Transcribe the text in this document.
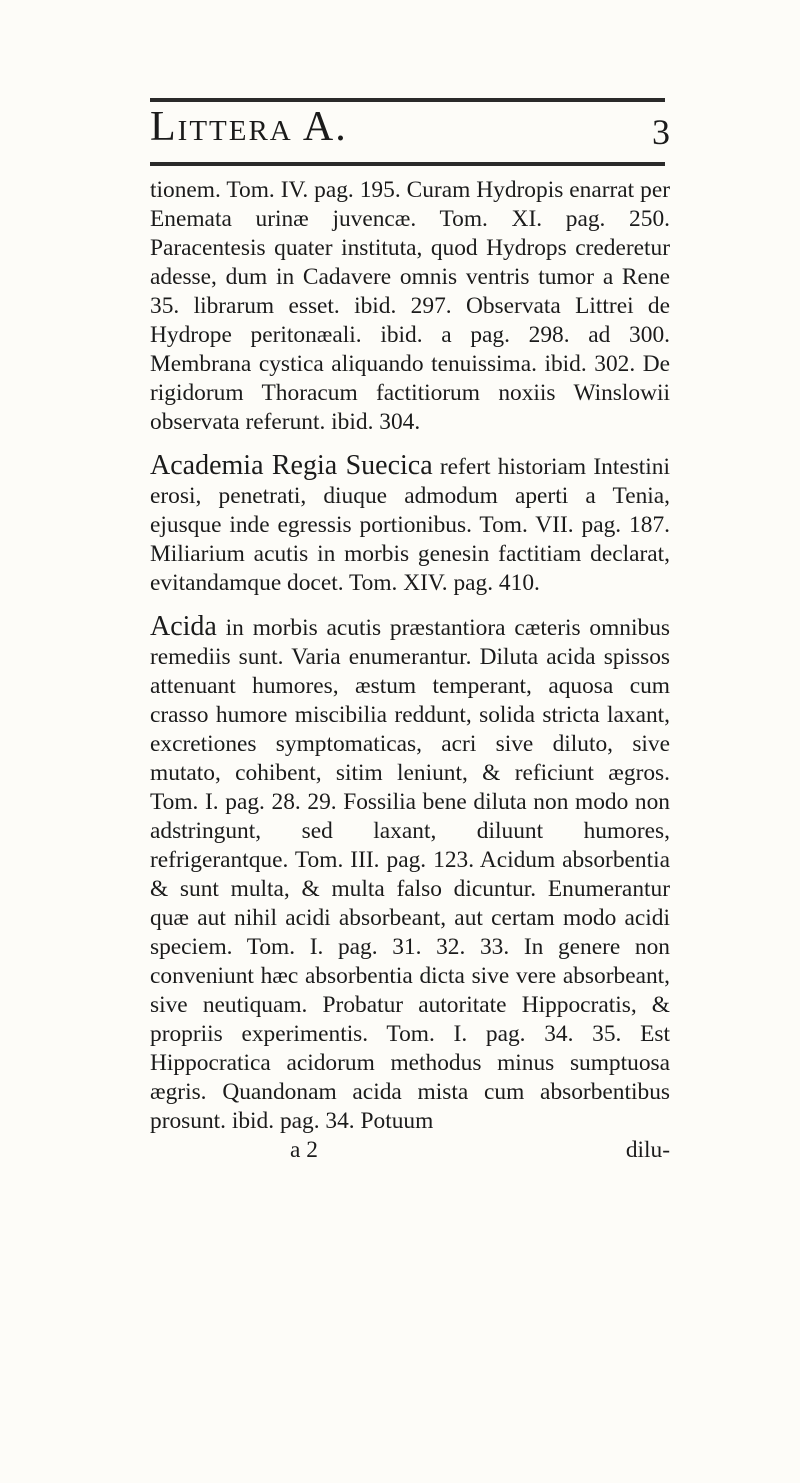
Littera A.	3

tionem. Tom. IV. pag. 195. Curam Hydropis enarrat per Enemata urinæ juvencæ. Tom. XI. pag. 250. Paracentesis quater instituta, quod Hydrops crederetur adesse, dum in Cadavere omnis ventris tumor a Rene 35. librarum esset. ibid. 297. Observata Littrei de Hydrope peritonæali. ibid. a pag. 298. ad 300. Membrana cystica aliquando tenuissima. ibid. 302. De rigidorum Thoracum factitiorum noxiis Winslowii observata referunt. ibid. 304.

Academia Regia Suecica refert historiam Intestini erosi, penetrati, diuque admodum aperti a Tenia, ejusque inde egressis portionibus. Tom. VII. pag. 187. Miliarium acutis in morbis genesin factitiam declarat, evitandamque docet. Tom. XIV. pag. 410.

Acida in morbis acutis præstantiora cæteris omnibus remediis sunt. Varia enumerantur. Diluta acida spissos attenuant humores, æstum temperant, aquosa cum crasso humore miscibilia reddunt, solida stricta laxant, excretiones symptomaticas, acri sive diluto, sive mutato, cohibent, sitim leniunt, & reficiunt ægros. Tom. I. pag. 28. 29. Fossilia bene diluta non modo non adstringunt, sed laxant, diluunt humores, refrigerantque. Tom. III. pag. 123. Acidum absorbentia & sunt multa, & multa falso dicuntur. Enumerantur quæ aut nihil acidi absorbeant, aut certam modo acidi speciem. Tom. I. pag. 31. 32. 33. In genere non conveniunt hæc absorbentia dicta sive vere absorbeant, sive neutiquam. Probatur autoritate Hippocratis, & propriis experimentis. Tom. I. pag. 34. 35. Est Hippocratica acidorum methodus minus sumptuosa ægris. Quandonam acida mista cum absorbentibus prosunt. ibid. pag. 34. Potuum

a 2	dilu-
